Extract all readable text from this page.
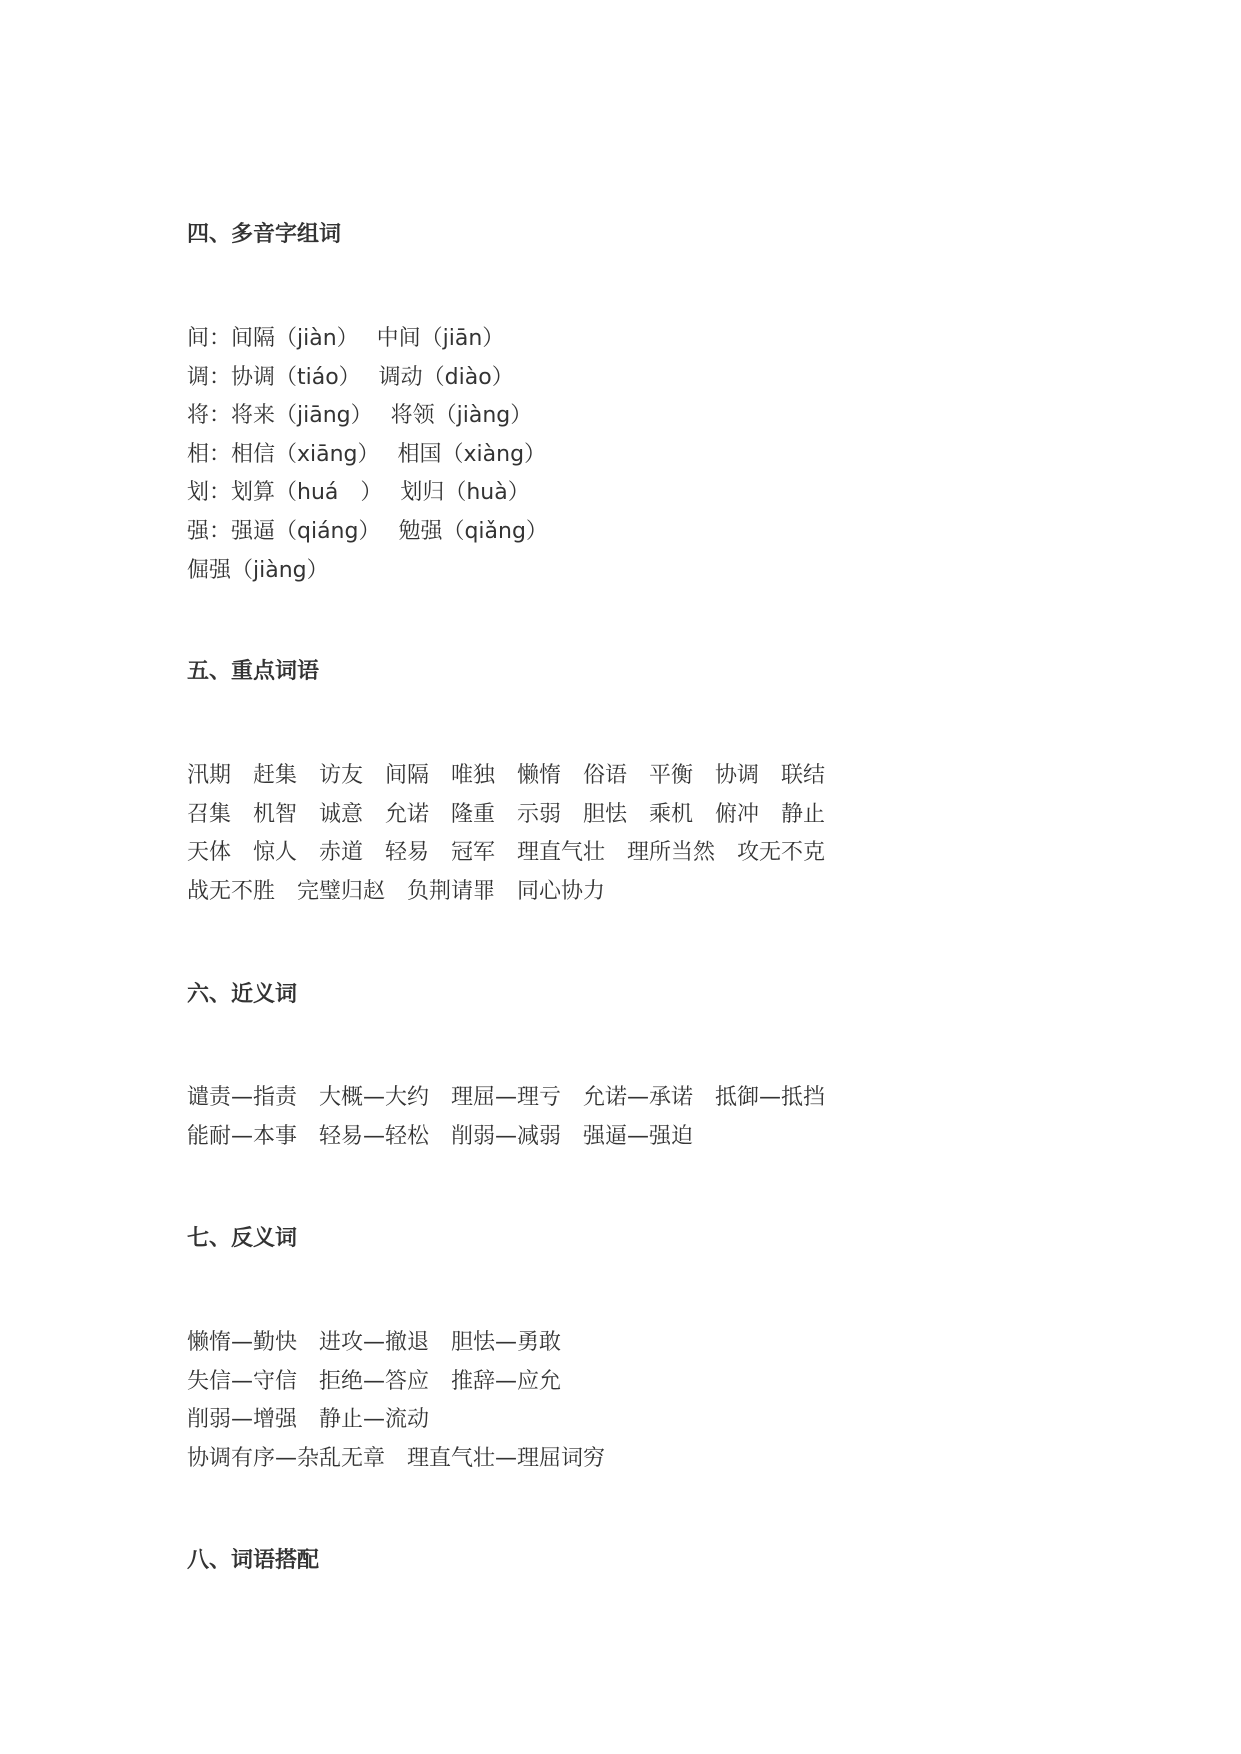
四、多音字组词
间：间隔（jiàn）　 中间（jiān）
调：协调（tiáo）　 调动（diào）
将：将来（jiāng）　 将领（jiàng）
相：相信（xiāng）　 相国（xiàng）
划：划算（huá　）　 划归（huà）
强：强逼（qiáng）　 勉强（qiǎng）
倔强（jiàng）
五、重点词语
汛期　赶集　访友　间隔　唯独　懒惰　俗语　平衡　协调　联结
召集　机智　诚意　允诺　隆重　示弱　胆怯　乘机　俯冲　静止
天体　惊人　赤道　轻易　冠军　理直气壮　理所当然　攻无不克
战无不胜　完璧归赵　负荆请罪　同心协力
六、近义词
谴责—指责　大概—大约　理屈—理亏　允诺—承诺　抵御—抵挡
能耐—本事　轻易—轻松　削弱—减弱　强逼—强迫
七、反义词
懒惰—勤快　进攻—撤退　胆怯—勇敢
失信—守信　拒绝—答应　推辞—应允
削弱—增强　静止—流动
协调有序—杂乱无章　理直气壮—理屈词穷
八、词语搭配
